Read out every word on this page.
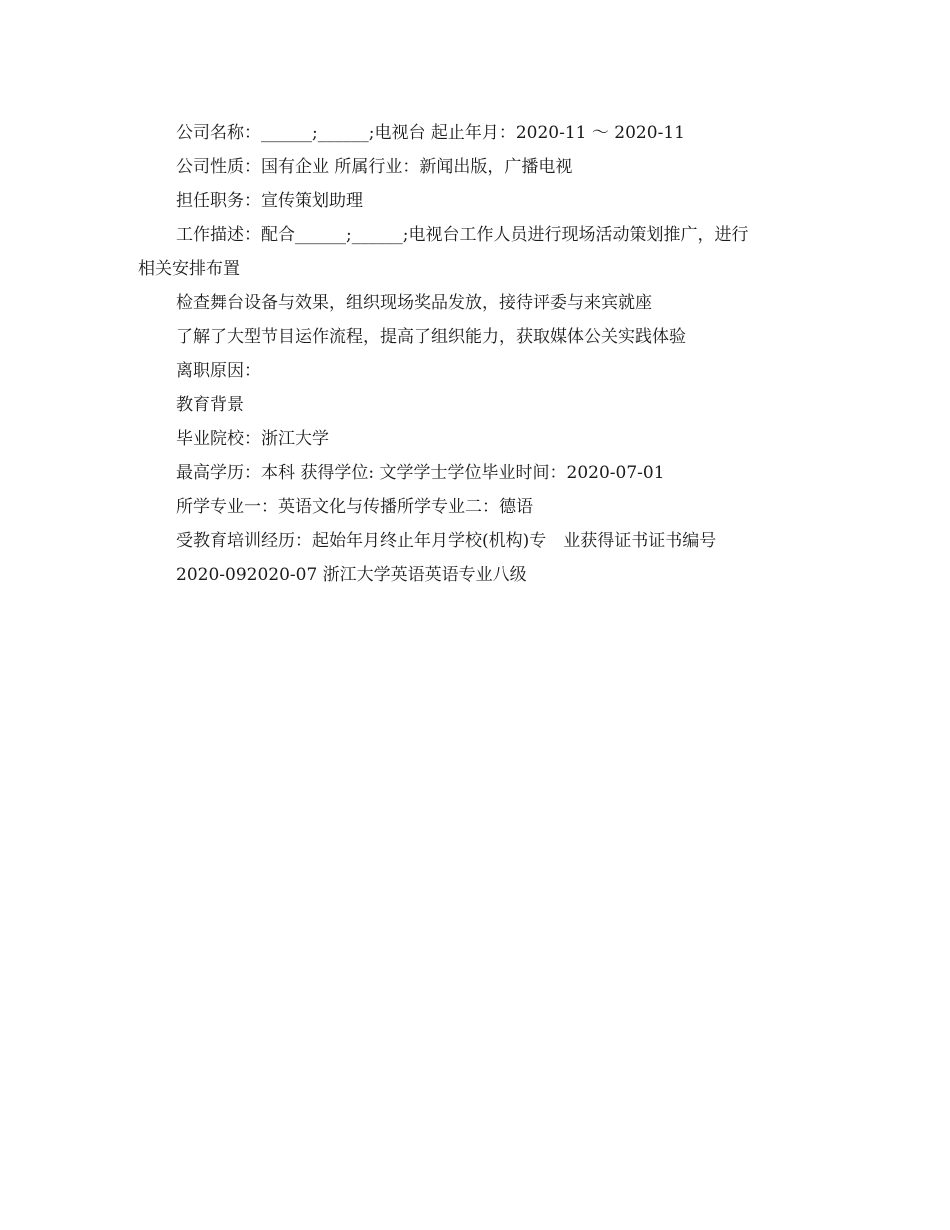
公司名称：______;______;电视台 起止年月：2020-11 ～ 2020-11
公司性质：国有企业 所属行业：新闻出版，广播电视
担任职务：宣传策划助理
工作描述：配合______;______;电视台工作人员进行现场活动策划推广，进行
相关安排布置
检查舞台设备与效果，组织现场奖品发放，接待评委与来宾就座
了解了大型节目运作流程，提高了组织能力，获取媒体公关实践体验
离职原因：
教育背景
毕业院校：浙江大学
最高学历：本科 获得学位: 文学学士学位毕业时间：2020-07-01
所学专业一：英语文化与传播所学专业二：德语
受教育培训经历：起始年月终止年月学校(机构)专　业获得证书证书编号
2020-092020-07 浙江大学英语英语专业八级
